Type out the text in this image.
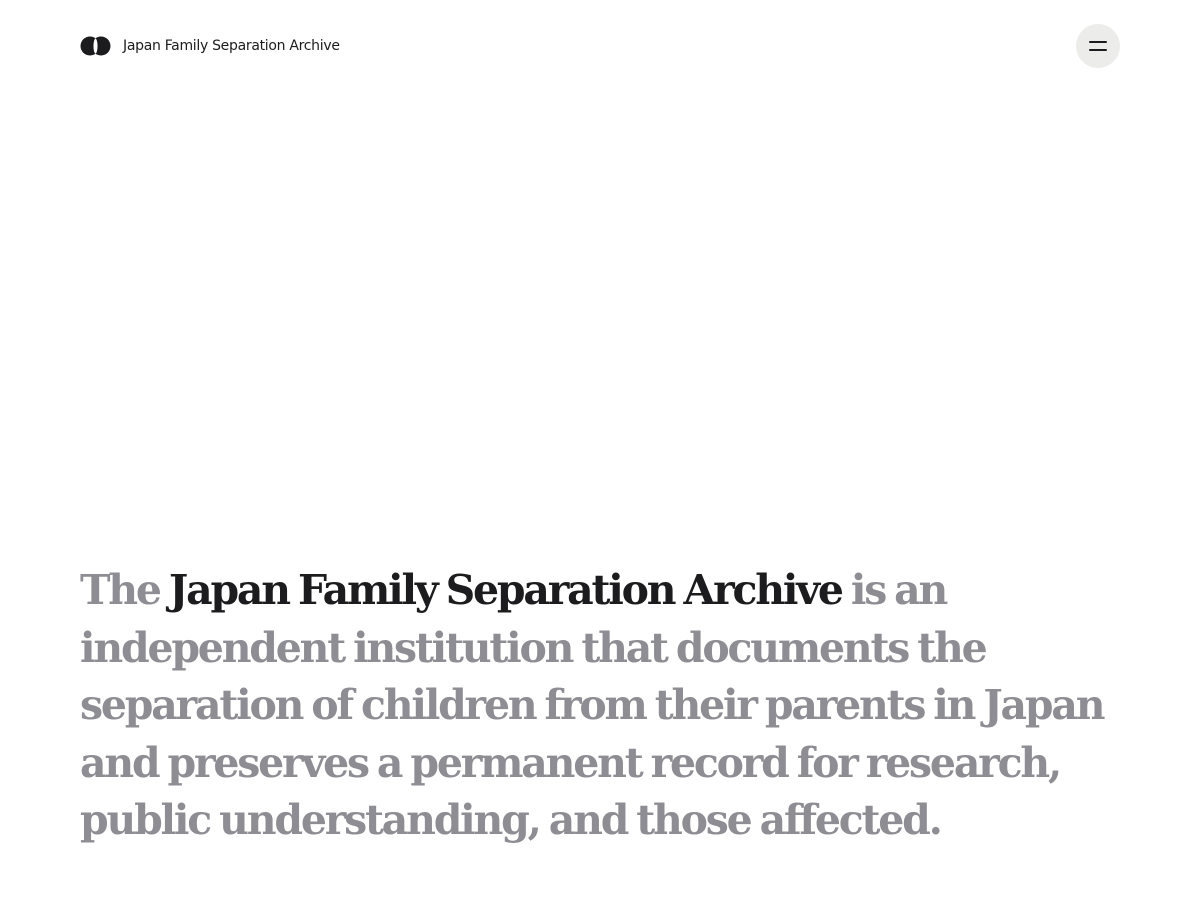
Japan Family Separation Archive

The Japan Family Separation Archive is an independent institution that documents the separation of children from their parents in Japan and preserves a permanent record for research, public understanding, and those affected.
